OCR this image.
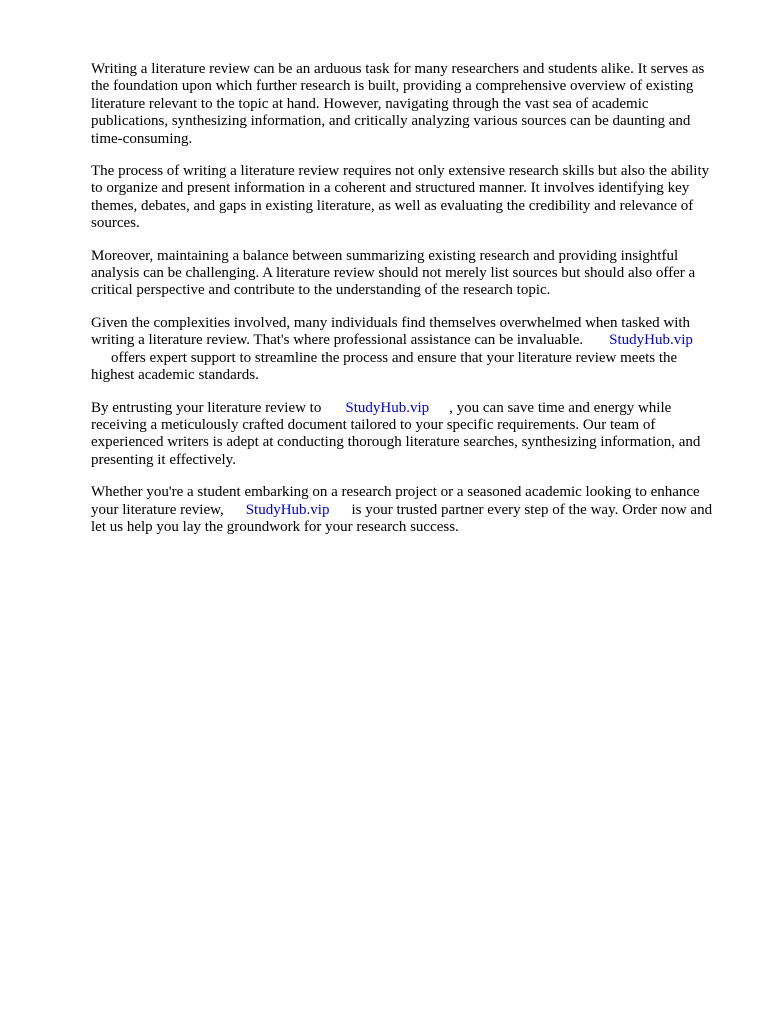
Writing a literature review can be an arduous task for many researchers and students alike. It serves as the foundation upon which further research is built, providing a comprehensive overview of existing literature relevant to the topic at hand. However, navigating through the vast sea of academic publications, synthesizing information, and critically analyzing various sources can be daunting and time-consuming.

The process of writing a literature review requires not only extensive research skills but also the ability to organize and present information in a coherent and structured manner. It involves identifying key themes, debates, and gaps in existing literature, as well as evaluating the credibility and relevance of sources.

Moreover, maintaining a balance between summarizing existing research and providing insightful analysis can be challenging. A literature review should not merely list sources but should also offer a critical perspective and contribute to the understanding of the research topic.

Given the complexities involved, many individuals find themselves overwhelmed when tasked with writing a literature review. That's where professional assistance can be invaluable. StudyHub.vip
offers expert support to streamline the process and ensure that your literature review meets the highest academic standards.

By entrusting your literature review to StudyHub.vip , you can save time and energy while receiving a meticulously crafted document tailored to your specific requirements. Our team of experienced writers is adept at conducting thorough literature searches, synthesizing information, and presenting it effectively.

Whether you're a student embarking on a research project or a seasoned academic looking to enhance your literature review, StudyHub.vip is your trusted partner every step of the way. Order now and let us help you lay the groundwork for your research success.
